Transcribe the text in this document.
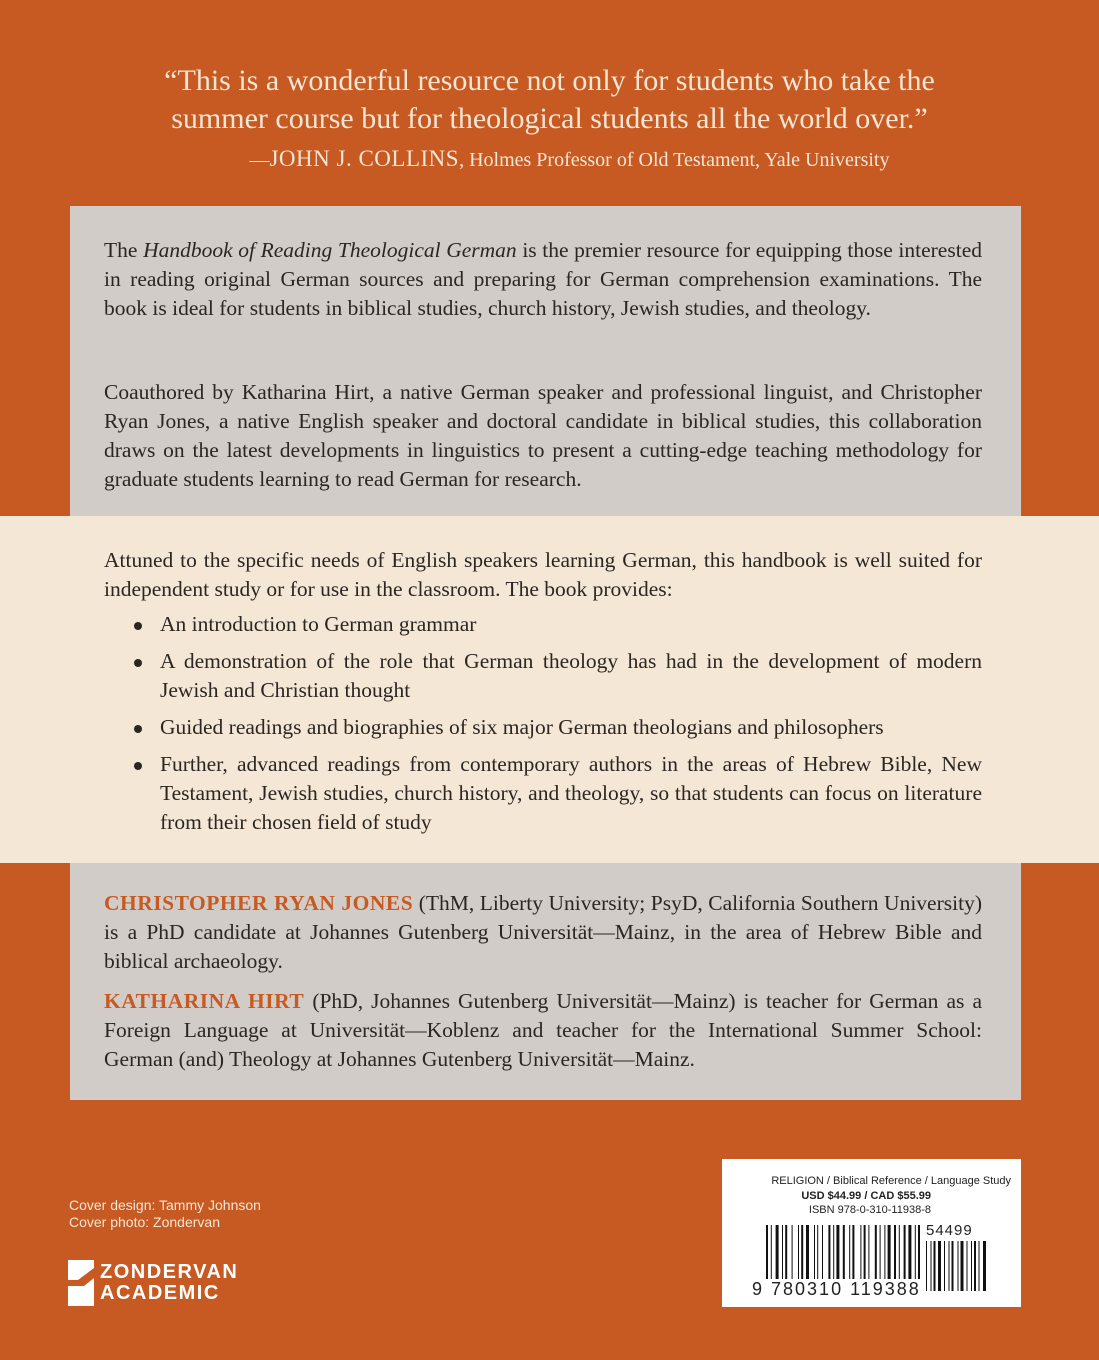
“This is a wonderful resource not only for students who take the
summer course but for theological students all the world over.”
—JOHN J. COLLINS, Holmes Professor of Old Testament, Yale University

The Handbook of Reading Theological German is the premier resource for equipping those interested in reading original German sources and preparing for German comprehension examinations. The book is ideal for students in biblical studies, church history, Jewish studies, and theology.

Coauthored by Katharina Hirt, a native German speaker and professional linguist, and Christopher Ryan Jones, a native English speaker and doctoral candidate in biblical studies, this collaboration draws on the latest developments in linguistics to present a cutting-edge teaching methodology for graduate students learning to read German for research.

Attuned to the specific needs of English speakers learning German, this handbook is well suited for independent study or for use in the classroom. The book provides:

An introduction to German grammar
A demonstration of the role that German theology has had in the development of modern Jewish and Christian thought
Guided readings and biographies of six major German theologians and philosophers
Further, advanced readings from contemporary authors in the areas of Hebrew Bible, New Testament, Jewish studies, church history, and theology, so that students can focus on literature from their chosen field of study

CHRISTOPHER RYAN JONES (ThM, Liberty University; PsyD, California Southern University) is a PhD candidate at Johannes Gutenberg Universität—Mainz, in the area of Hebrew Bible and biblical archaeology.

KATHARINA HIRT (PhD, Johannes Gutenberg Universität—Mainz) is teacher for German as a Foreign Language at Universität—Koblenz and teacher for the International Summer School: German (and) Theology at Johannes Gutenberg Universität—Mainz.

Cover design: Tammy Johnson
Cover photo: Zondervan
ZONDERVAN
ACADEMIC
RELIGION / Biblical Reference / Language Study
USD $44.99 / CAD $55.99
ISBN 978-0-310-11938-8
54499
9 780310 119388
